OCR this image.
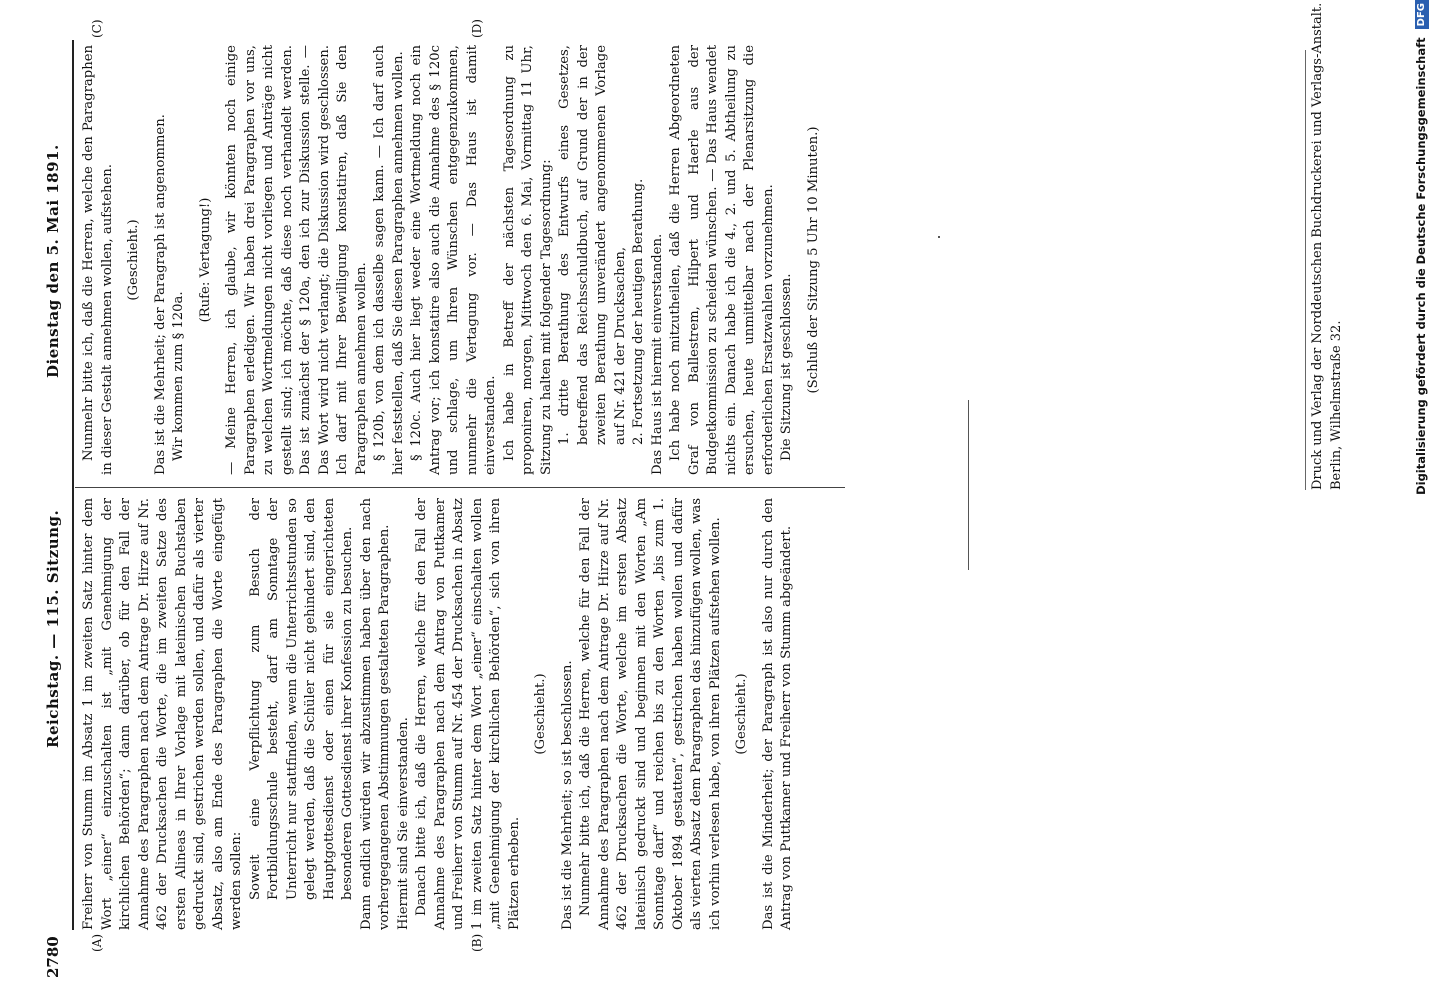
2780
Reichstag. — 115. Sitzung.
Dienstag den 5. Mai 1891.
(A)	(B)
(C)	(D)

Freiherr von Stumm im Absatz 1 im zweiten Satz hinter dem Wort „einer“ einzuschalten ist „mit Genehmigung der kirchlichen Behörden“; dann darüber, ob für den Fall der Annahme des Paragraphen nach dem Antrage Dr. Hirze auf Nr. 462 der Drucksachen die Worte, die im zweiten Satze des ersten Alineas in Ihrer Vorlage mit lateinischen Buchstaben gedruckt sind, gestrichen werden sollen, und dafür als vierter Absatz, also am Ende des Paragraphen die Worte eingefügt werden sollen: Soweit eine Verpflichtung zum Besuch der Fortbildungsschule besteht, darf am Sonntage der Unterricht nur stattfinden, wenn die Unterrichtsstunden so gelegt werden, daß die Schüler nicht gehindert sind, den Hauptgottesdienst oder einen für sie eingerichteten besonderen Gottesdienst ihrer Konfession zu besuchen. Dann endlich würden wir abzustimmen haben über den nach vorhergegangenen Abstimmungen gestalteten Paragraphen. Hiermit sind Sie einverstanden. Danach bitte ich, daß die Herren, welche für den Fall der Annahme des Paragraphen nach dem Antrag von Puttkamer und Freiherr von Stumm auf Nr. 454 der Drucksachen in Absatz 1 im zweiten Satz hinter dem Wort „einer“ einschalten wollen „mit Genehmigung der kirchlichen Behörden“, sich von ihren Plätzen erheben.

(Geschieht.) Das ist die Mehrheit; so ist beschlossen. Nunmehr bitte ich, daß die Herren, welche für den Fall der Annahme des Paragraphen nach dem Antrage Dr. Hirze auf Nr. 462 der Drucksachen die Worte, welche im ersten Absatz lateinisch gedruckt sind und beginnen mit den Worten „Am Sonntage darf“ und reichen bis zu den Worten „bis zum 1. Oktober 1894 gestatten“, gestrichen haben wollen und dafür als vierten Absatz dem Paragraphen das hinzufügen wollen, was ich vorhin verlesen habe, von ihren Plätzen aufstehen wollen. (Geschieht.) Das ist die Minderheit; der Paragraph ist also nur durch den Antrag von Puttkamer und Freiherr von Stumm abgeändert.

Nunmehr bitte ich, daß die Herren, welche den Paragraphen in dieser Gestalt annehmen wollen, aufstehen. (Geschieht.) Das ist die Mehrheit; der Paragraph ist angenommen. Wir kommen zum § 120a.

(Rufe: Vertagung!) — Meine Herren, ich glaube, wir könnten noch einige Paragraphen erledigen. Wir haben drei Paragraphen vor uns, zu welchen Wortmeldungen nicht vorliegen und Anträge nicht gestellt sind; ich möchte, daß diese noch verhandelt werden. Das ist zunächst der § 120a, den ich zur Diskussion stelle. — Das Wort wird nicht verlangt; die Diskussion wird geschlossen. Ich darf mit Ihrer Bewilligung konstatiren, daß Sie den Paragraphen annehmen wollen. § 120b, von dem ich dasselbe sagen kann. — Ich darf auch hier feststellen, daß Sie diesen Paragraphen annehmen wollen. § 120c. Auch hier liegt weder eine Wortmeldung noch ein Antrag vor; ich konstatire also auch die Annahme des § 120c und schlage, um Ihren Wünschen entgegenzukommen, nunmehr die Vertagung vor. — Das Haus ist damit einverstanden. Ich habe in Betreff der nächsten Tagesordnung zu proponiren, morgen, Mittwoch den 6. Mai, Vormittag 11 Uhr, Sitzung zu halten mit folgender Tagesordnung: 1. dritte Berathung des Entwurfs eines Gesetzes, betreffend das Reichsschuldbuch, auf Grund der in der zweiten Berathung unverändert angenommenen Vorlage auf Nr. 421 der Drucksachen, 2. Fortsetzung der heutigen Berathung. Das Haus ist hiermit einverstanden. Ich habe noch mitzutheilen, daß die Herren Abgeordneten Graf von Ballestrem, Hilpert und Haerle aus der Budgetkommission zu scheiden wünschen. — Das Haus wendet nichts ein. Danach habe ich die 4., 2. und 5. Abtheilung zu ersuchen, heute unmittelbar nach der Plenarsitzung die erforderlichen Ersatzwahlen vorzunehmen. Die Sitzung ist geschlossen. (Schluß der Sitzung 5 Uhr 10 Minuten.)	Druck und Verlag der Norddeutschen Buchdruckerei und Verlags-Anstalt. Berlin, Wilhelmstraße 32.	Digitalisierung gefördert durch die Deutsche Forschungsgemeinschaft DFG
